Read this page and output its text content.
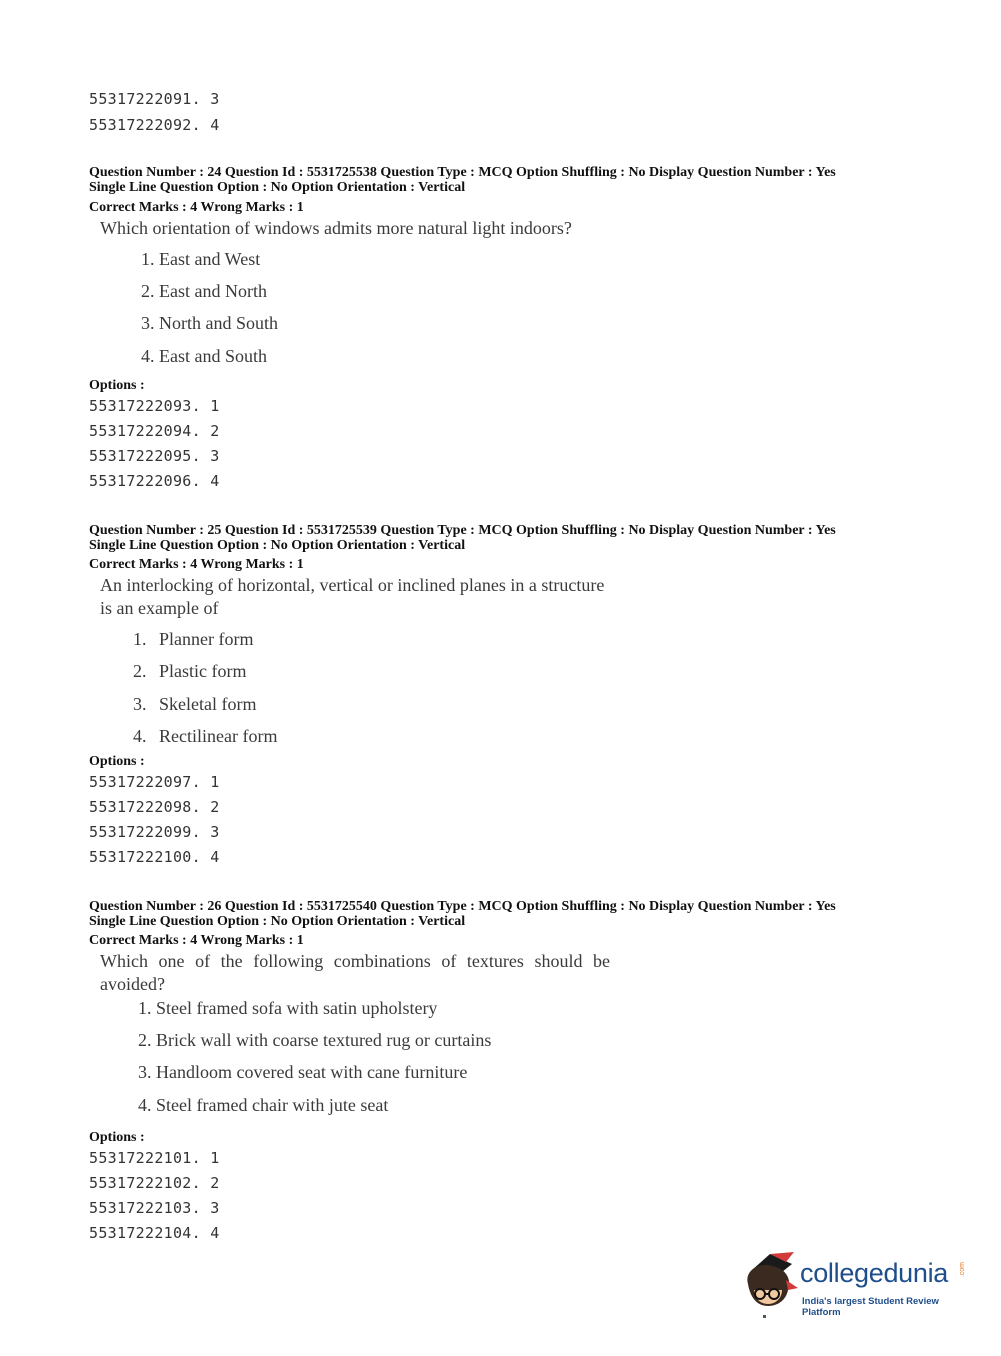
55317222091. 3
55317222092. 4
Question Number : 24 Question Id : 5531725538 Question Type : MCQ Option Shuffling : No Display Question Number : Yes
Single Line Question Option : No Option Orientation : Vertical
Correct Marks : 4 Wrong Marks : 1
Which orientation of windows admits more natural light indoors?
1. East and West
2. East and North
3. North and South
4. East and South
Options :
55317222093. 1
55317222094. 2
55317222095. 3
55317222096. 4
Question Number : 25 Question Id : 5531725539 Question Type : MCQ Option Shuffling : No Display Question Number : Yes
Single Line Question Option : No Option Orientation : Vertical
Correct Marks : 4 Wrong Marks : 1
An interlocking of horizontal, vertical or inclined planes in a structure
is an example of
1. Planner form
2. Plastic form
3. Skeletal form
4. Rectilinear form
Options :
55317222097. 1
55317222098. 2
55317222099. 3
55317222100. 4
Question Number : 26 Question Id : 5531725540 Question Type : MCQ Option Shuffling : No Display Question Number : Yes
Single Line Question Option : No Option Orientation : Vertical
Correct Marks : 4 Wrong Marks : 1
Which one of the following combinations of textures should be
avoided?
1. Steel framed sofa with satin upholstery
2. Brick wall with coarse textured rug or curtains
3. Handloom covered seat with cane furniture
4. Steel framed chair with jute seat
Options :
55317222101. 1
55317222102. 2
55317222103. 3
55317222104. 4
collegedunia .com
India's largest Student Review Platform
